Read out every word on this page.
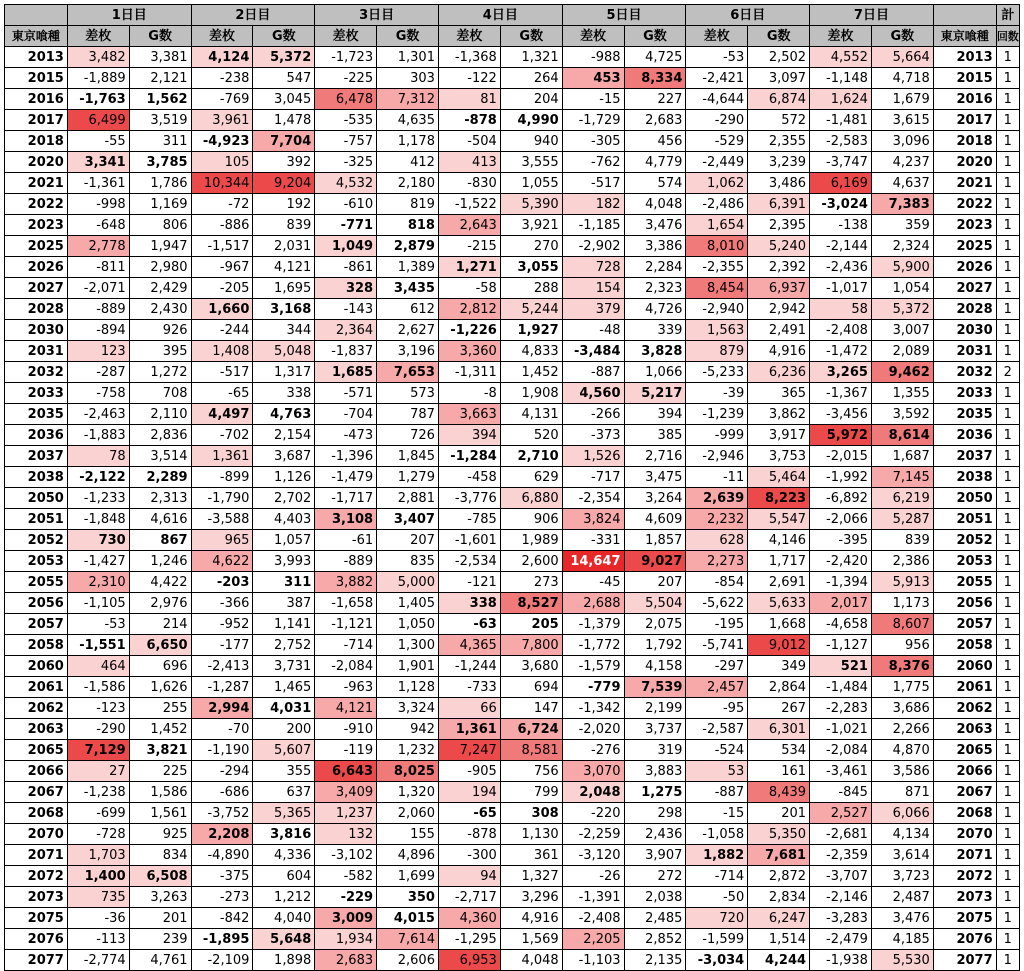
	1日目		2日目		3日目		4日目		5日目		6日目		7日目			計
東京喰種	差枚	G数	差枚	G数	差枚	G数	差枚	G数	差枚	G数	差枚	G数	差枚	G数	東京喰種	回数
2013	3,482	3,381	4,124	5,372	-1,723	1,301	-1,368	1,321	-988	4,725	-53	2,502	4,552	5,664	2013	1
2015	-1,889	2,121	-238	547	-225	303	-122	264	453	8,334	-2,421	3,097	-1,148	4,718	2015	1
2016	-1,763	1,562	-769	3,045	6,478	7,312	81	204	-15	227	-4,644	6,874	1,624	1,679	2016	1
2017	6,499	3,519	3,961	1,478	-535	4,635	-878	4,990	-1,729	2,683	-290	572	-1,481	3,615	2017	1
2018	-55	311	-4,923	7,704	-757	1,178	-504	940	-305	456	-529	2,355	-2,583	3,096	2018	1
2020	3,341	3,785	105	392	-325	412	413	3,555	-762	4,779	-2,449	3,239	-3,747	4,237	2020	1
2021	-1,361	1,786	10,344	9,204	4,532	2,180	-830	1,055	-517	574	1,062	3,486	6,169	4,637	2021	1
2022	-998	1,169	-72	192	-610	819	-1,522	5,390	182	4,048	-2,486	6,391	-3,024	7,383	2022	1
2023	-648	806	-886	839	-771	818	2,643	3,921	-1,185	3,476	1,654	2,395	-138	359	2023	1
2025	2,778	1,947	-1,517	2,031	1,049	2,879	-215	270	-2,902	3,386	8,010	5,240	-2,144	2,324	2025	1
2026	-811	2,980	-967	4,121	-861	1,389	1,271	3,055	728	2,284	-2,355	2,392	-2,436	5,900	2026	1
2027	-2,071	2,429	-205	1,695	328	3,435	-58	288	154	2,323	8,454	6,937	-1,017	1,054	2027	1
2028	-889	2,430	1,660	3,168	-143	612	2,812	5,244	379	4,726	-2,940	2,942	58	5,372	2028	1
2030	-894	926	-244	344	2,364	2,627	-1,226	1,927	-48	339	1,563	2,491	-2,408	3,007	2030	1
2031	123	395	1,408	5,048	-1,837	3,196	3,360	4,833	-3,484	3,828	879	4,916	-1,472	2,089	2031	1
2032	-287	1,272	-517	1,317	1,685	7,653	-1,311	1,452	-887	1,066	-5,233	6,236	3,265	9,462	2032	2
2033	-758	708	-65	338	-571	573	-8	1,908	4,560	5,217	-39	365	-1,367	1,355	2033	1
2035	-2,463	2,110	4,497	4,763	-704	787	3,663	4,131	-266	394	-1,239	3,862	-3,456	3,592	2035	1
2036	-1,883	2,836	-702	2,154	-473	726	394	520	-373	385	-999	3,917	5,972	8,614	2036	1
2037	78	3,514	1,361	3,687	-1,396	1,845	-1,284	2,710	1,526	2,716	-2,946	3,753	-2,015	1,687	2037	1
2038	-2,122	2,289	-899	1,126	-1,479	1,279	-458	629	-717	3,475	-11	5,464	-1,992	7,145	2038	1
2050	-1,233	2,313	-1,790	2,702	-1,717	2,881	-3,776	6,880	-2,354	3,264	2,639	8,223	-6,892	6,219	2050	1
2051	-1,848	4,616	-3,588	4,403	3,108	3,407	-785	906	3,824	4,609	2,232	5,547	-2,066	5,287	2051	1
2052	730	867	965	1,057	-61	207	-1,601	1,989	-331	1,857	628	4,146	-395	839	2052	1
2053	-1,427	1,246	4,622	3,993	-889	835	-2,534	2,600	14,647	9,027	2,273	1,717	-2,420	2,386	2053	1
2055	2,310	4,422	-203	311	3,882	5,000	-121	273	-45	207	-854	2,691	-1,394	5,913	2055	1
2056	-1,105	2,976	-366	387	-1,658	1,405	338	8,527	2,688	5,504	-5,622	5,633	2,017	1,173	2056	1
2057	-53	214	-952	1,141	-1,121	1,050	-63	205	-1,379	2,075	-195	1,668	-4,658	8,607	2057	1
2058	-1,551	6,650	-177	2,752	-714	1,300	4,365	7,800	-1,772	1,792	-5,741	9,012	-1,127	956	2058	1
2060	464	696	-2,413	3,731	-2,084	1,901	-1,244	3,680	-1,579	4,158	-297	349	521	8,376	2060	1
2061	-1,586	1,626	-1,287	1,465	-963	1,128	-733	694	-779	7,539	2,457	2,864	-1,484	1,775	2061	1
2062	-123	255	2,994	4,031	4,121	3,324	66	147	-1,342	2,199	-95	267	-2,283	3,686	2062	1
2063	-290	1,452	-70	200	-910	942	1,361	6,724	-2,020	3,737	-2,587	6,301	-1,021	2,266	2063	1
2065	7,129	3,821	-1,190	5,607	-119	1,232	7,247	8,581	-276	319	-524	534	-2,084	4,870	2065	1
2066	27	225	-294	355	6,643	8,025	-905	756	3,070	3,883	53	161	-3,461	3,586	2066	1
2067	-1,238	1,586	-686	637	3,409	1,320	194	799	2,048	1,275	-887	8,439	-845	871	2067	1
2068	-699	1,561	-3,752	5,365	1,237	2,060	-65	308	-220	298	-15	201	2,527	6,066	2068	1
2070	-728	925	2,208	3,816	132	155	-878	1,130	-2,259	2,436	-1,058	5,350	-2,681	4,134	2070	1
2071	1,703	834	-4,890	4,336	-3,102	4,896	-300	361	-3,120	3,907	1,882	7,681	-2,359	3,614	2071	1
2072	1,400	6,508	-375	604	-582	1,699	94	1,327	-26	272	-714	2,872	-3,707	3,723	2072	1
2073	735	3,263	-273	1,212	-229	350	-2,717	3,296	-1,391	2,038	-50	2,834	-2,146	2,487	2073	1
2075	-36	201	-842	4,040	3,009	4,015	4,360	4,916	-2,408	2,485	720	6,247	-3,283	3,476	2075	1
2076	-113	239	-1,895	5,648	1,934	7,614	-1,295	1,569	2,205	2,852	-1,599	1,514	-2,479	4,185	2076	1
2077	-2,774	4,761	-2,109	1,898	2,683	2,606	6,953	4,048	-1,103	2,135	-3,034	4,244	-1,938	5,530	2077	1
